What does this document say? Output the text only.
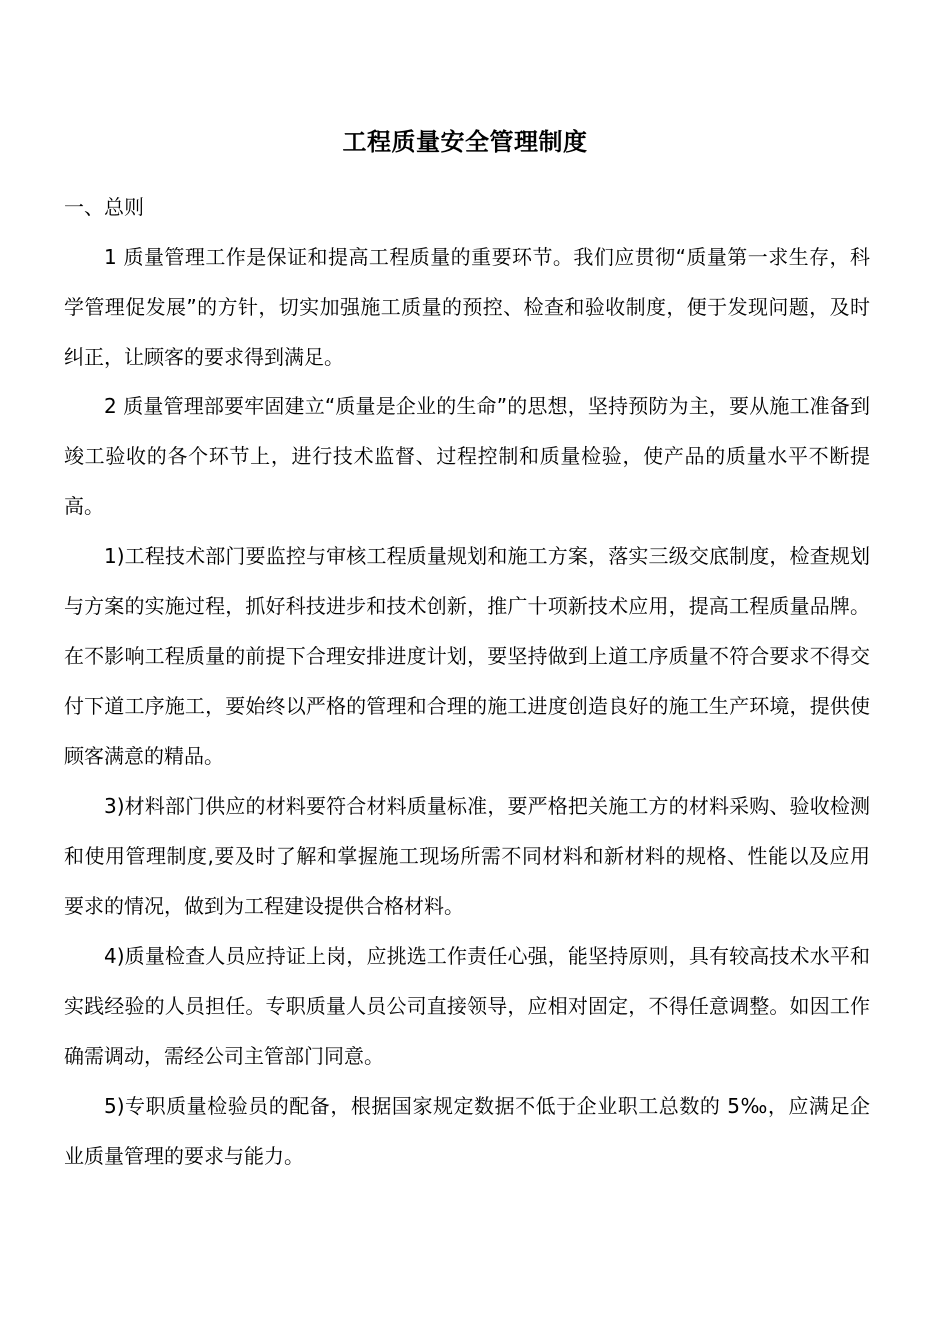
工程质量安全管理制度
一、总则

1 质量管理工作是保证和提高工程质量的重要环节。我们应贯彻“质量第一求生存，科学管理促发展”的方针，切实加强施工质量的预控、检查和验收制度，便于发现问题，及时纠正，让顾客的要求得到满足。

2 质量管理部要牢固建立“质量是企业的生命”的思想，坚持预防为主，要从施工准备到竣工验收的各个环节上，进行技术监督、过程控制和质量检验，使产品的质量水平不断提高。

1)工程技术部门要监控与审核工程质量规划和施工方案，落实三级交底制度，检查规划与方案的实施过程，抓好科技进步和技术创新，推广十项新技术应用，提高工程质量品牌。在不影响工程质量的前提下合理安排进度计划，要坚持做到上道工序质量不符合要求不得交付下道工序施工，要始终以严格的管理和合理的施工进度创造良好的施工生产环境，提供使顾客满意的精品。

3)材料部门供应的材料要符合材料质量标准，要严格把关施工方的材料采购、验收检测和使用管理制度,要及时了解和掌握施工现场所需不同材料和新材料的规格、性能以及应用要求的情况，做到为工程建设提供合格材料。

4)质量检查人员应持证上岗，应挑选工作责任心强，能坚持原则，具有较高技术水平和实践经验的人员担任。专职质量人员公司直接领导，应相对固定，不得任意调整。如因工作确需调动，需经公司主管部门同意。

5)专职质量检验员的配备，根据国家规定数据不低于企业职工总数的 5‰，应满足企业质量管理的要求与能力。
